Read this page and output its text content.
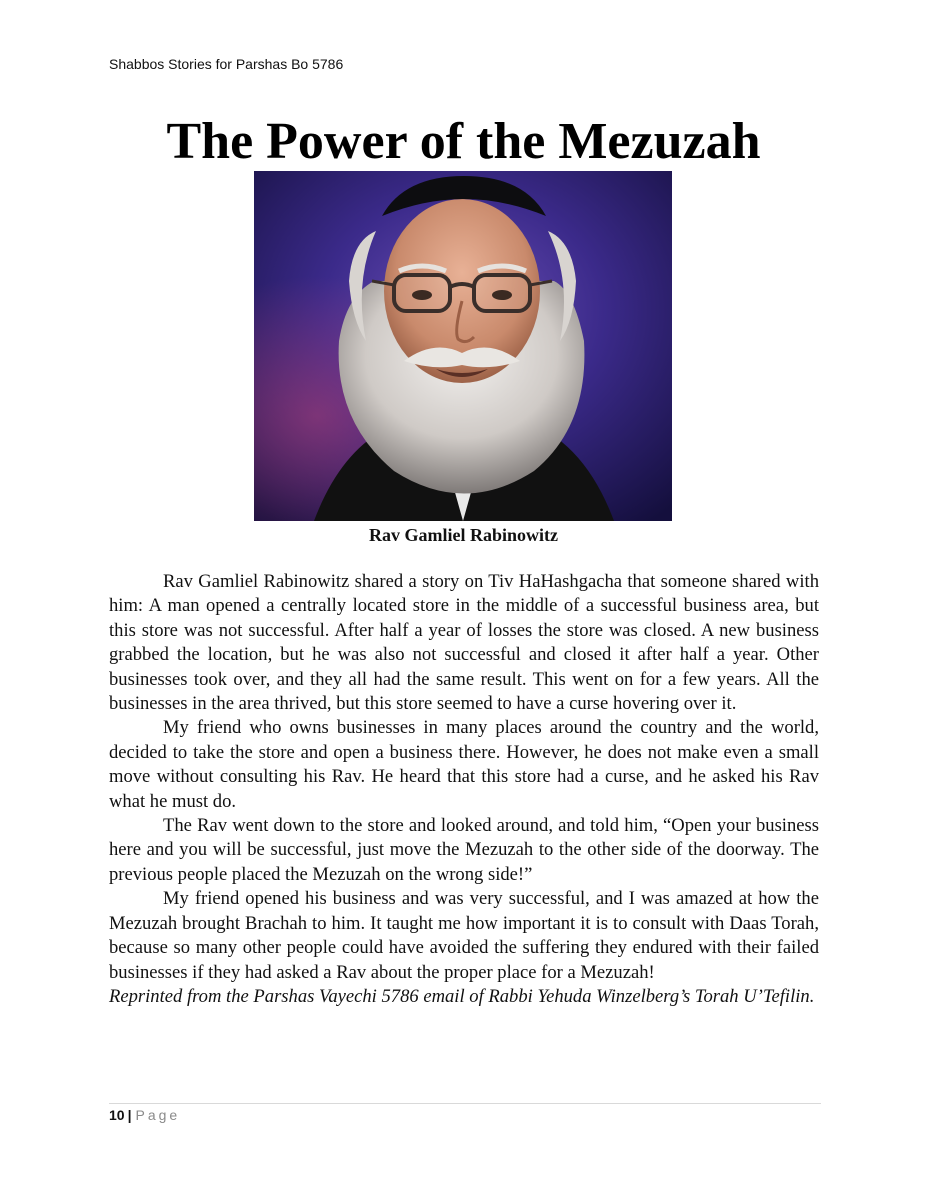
Shabbos Stories for Parshas Bo 5786
The Power of the Mezuzah
Rav Gamliel Rabinowitz

Rav Gamliel Rabinowitz shared a story on Tiv HaHashgacha that someone shared with him: A man opened a centrally located store in the middle of a successful business area, but this store was not successful. After half a year of losses the store was closed. A new business grabbed the location, but he was also not successful and closed it after half a year. Other businesses took over, and they all had the same result. This went on for a few years. All the businesses in the area thrived, but this store seemed to have a curse hovering over it.

My friend who owns businesses in many places around the country and the world, decided to take the store and open a business there. However, he does not make even a small move without consulting his Rav. He heard that this store had a curse, and he asked his Rav what he must do.

The Rav went down to the store and looked around, and told him, “Open your business here and you will be successful, just move the Mezuzah to the other side of the doorway. The previous people placed the Mezuzah on the wrong side!”

My friend opened his business and was very successful, and I was amazed at how the Mezuzah brought Brachah to him. It taught me how important it is to consult with Daas Torah, because so many other people could have avoided the suffering they endured with their failed businesses if they had asked a Rav about the proper place for a Mezuzah!

Reprinted from the Parshas Vayechi 5786 email of Rabbi Yehuda Winzelberg’s Torah U’Tefilin.

10 | Page
